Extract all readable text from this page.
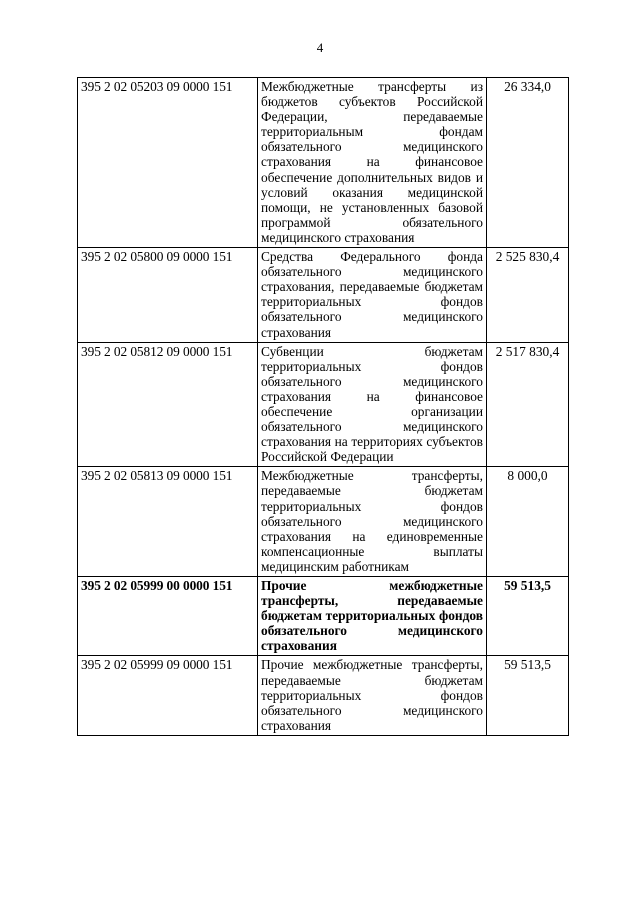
4
395 2 02 05203 09 0000 151	Межбюджетные трансферты из бюджетов субъектов Российской Федерации, передаваемые территориальным фондам обязательного медицинского страхования на финансовое обеспечение дополнительных видов и условий оказания медицинской помощи, не установленных базовой программой обязательного медицинского страхования	26 334,0
395 2 02 05800 09 0000 151	Средства Федерального фонда обязательного медицинского страхования, передаваемые бюджетам территориальных фондов обязательного медицинского страхования	2 525 830,4
395 2 02 05812 09 0000 151	Субвенции бюджетам территориальных фондов обязательного медицинского страхования на финансовое обеспечение организации обязательного медицинского страхования на территориях субъектов Российской Федерации	2 517 830,4
395 2 02 05813 09 0000 151	Межбюджетные трансферты, передаваемые бюджетам территориальных фондов обязательного медицинского страхования на единовременные компенсационные выплаты медицинским работникам	8 000,0
395 2 02 05999 00 0000 151	Прочие межбюджетные трансферты, передаваемые бюджетам территориальных фондов обязательного медицинского страхования	59 513,5
395 2 02 05999 09 0000 151	Прочие межбюджетные трансферты, передаваемые бюджетам территориальных фондов обязательного медицинского страхования	59 513,5
